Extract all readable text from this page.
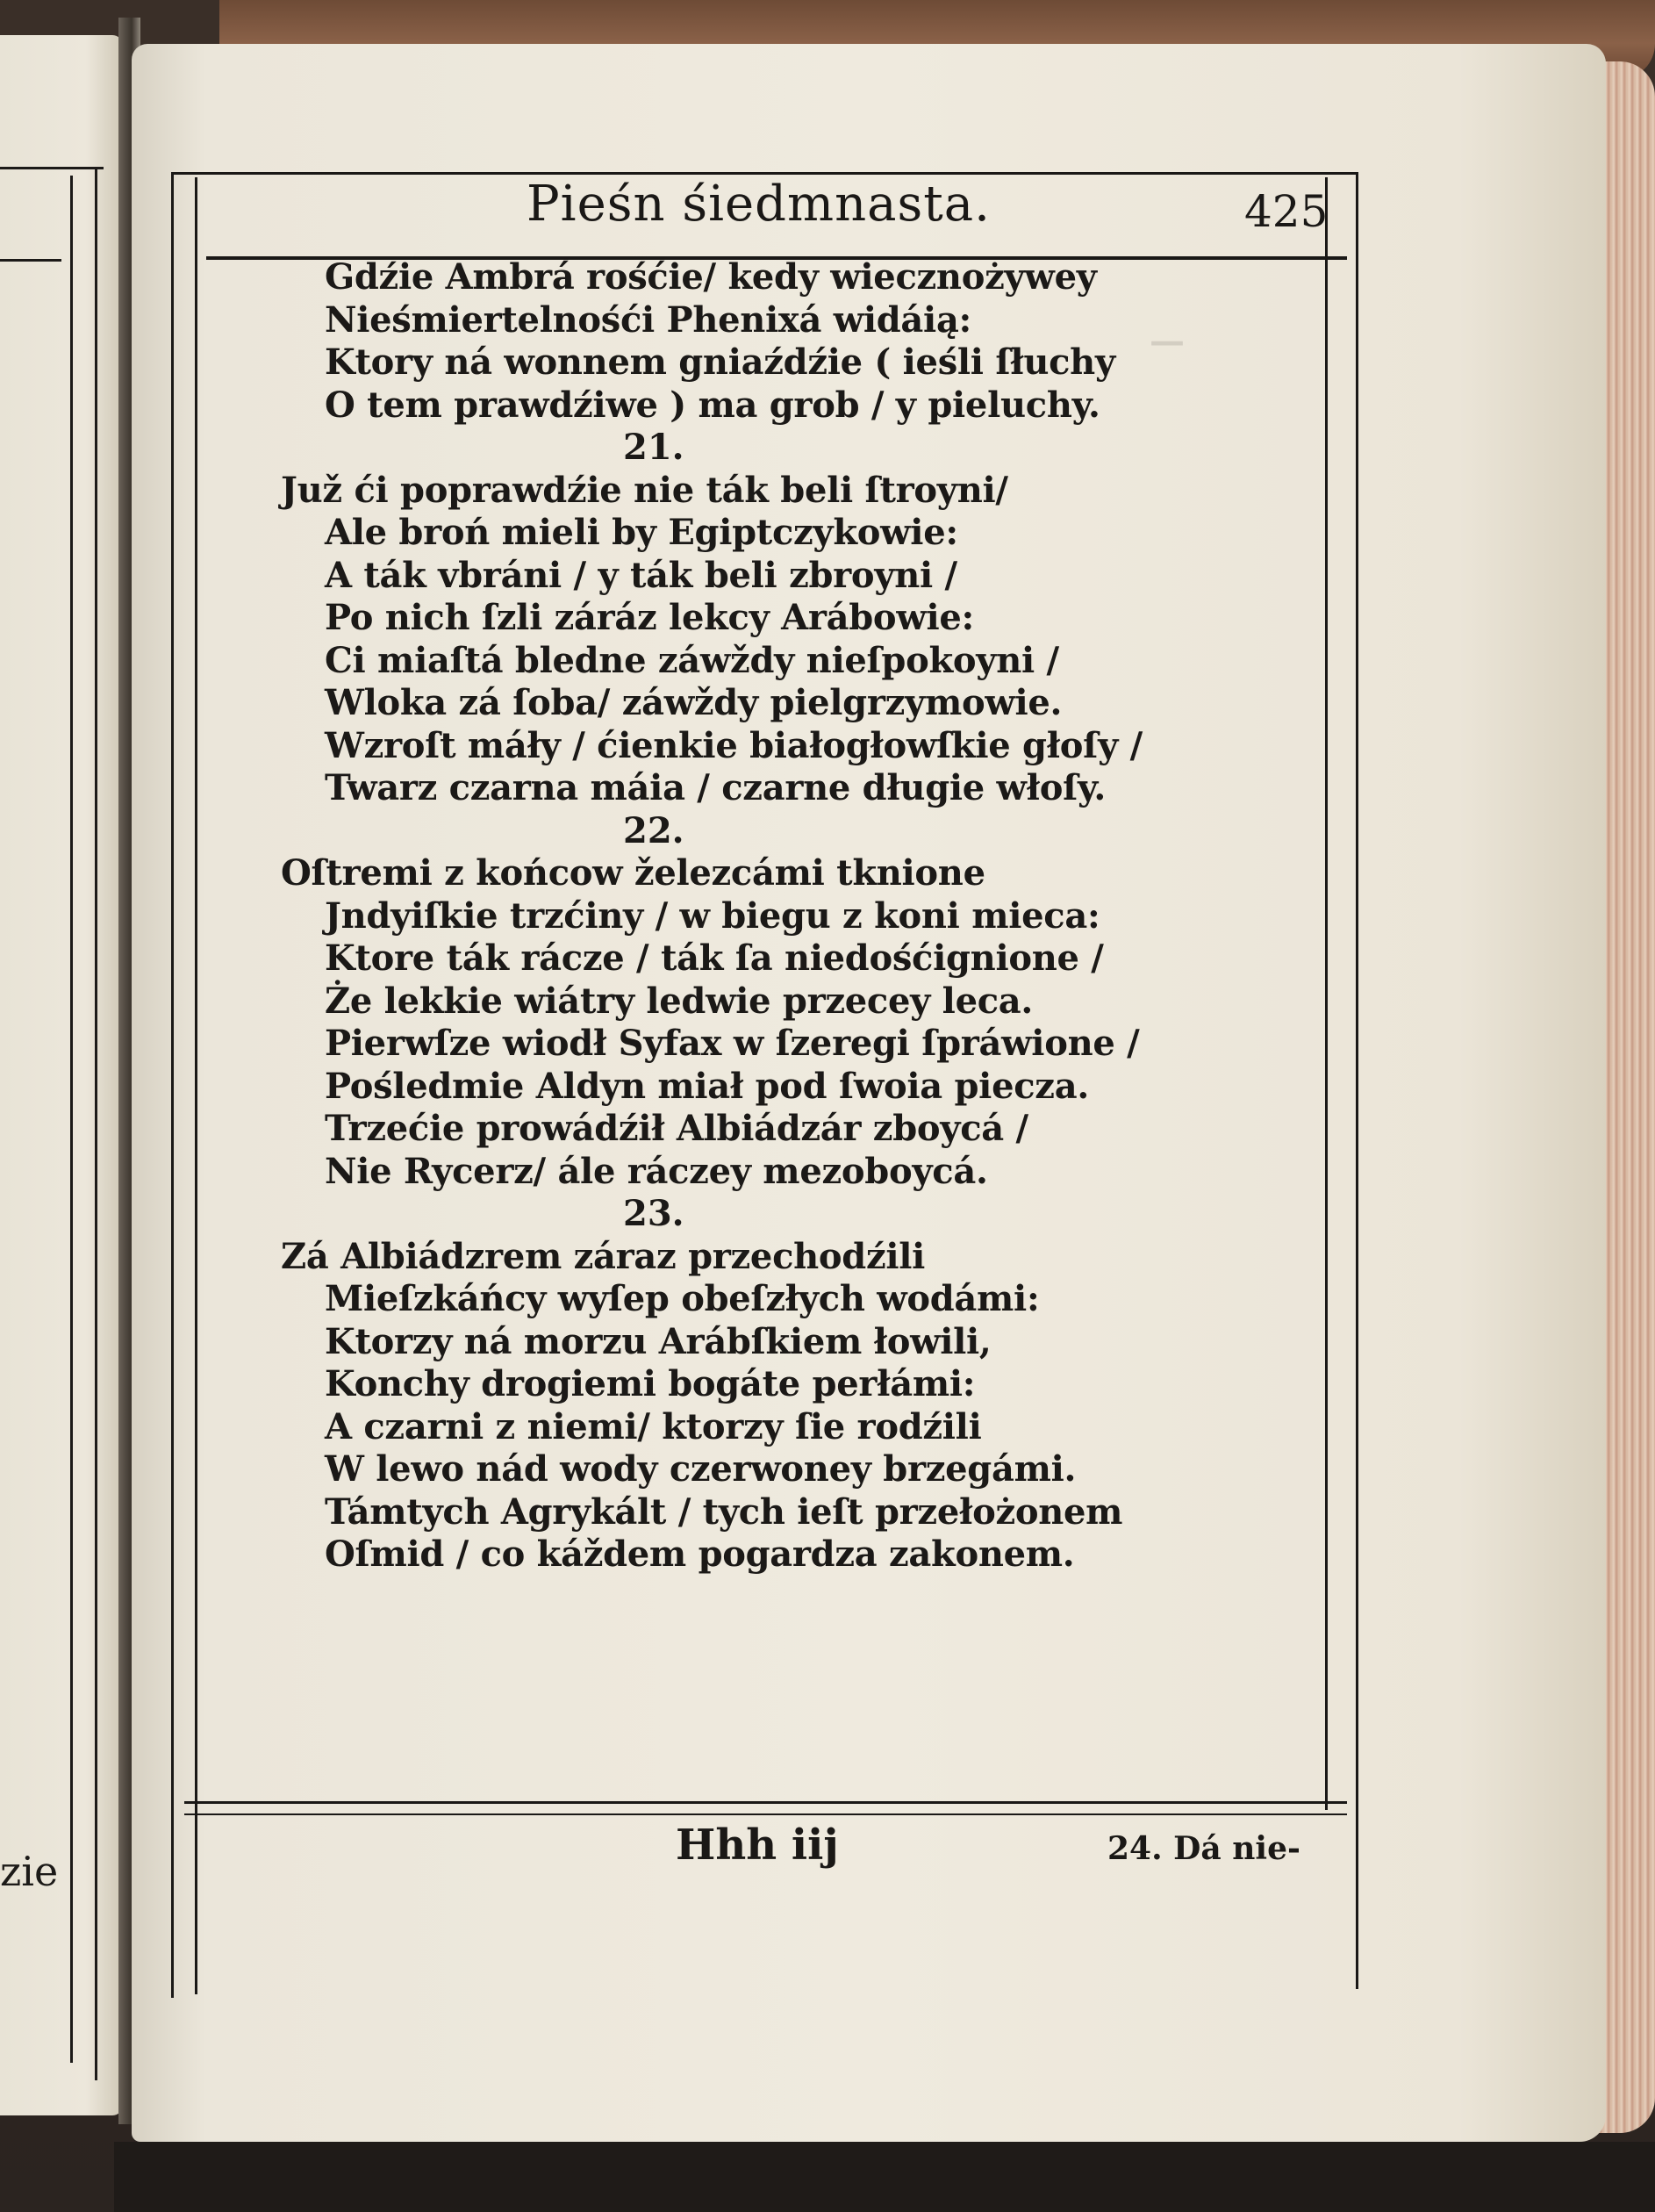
zie
—
Pieśn śiedmnasta.	425
Gdźie Ambrá rośćie/ kedy wiecznożywey
Nieśmiertelnośći Phenixá widáią:
Ktory ná wonnem gniaźdźie ( ieśli ſłuchy
O tem prawdźiwe ) ma grob / y pieluchy.
21.
Juž ći poprawdźie nie ták beli ſtroyni/
Ale broń mieli by Egiptczykowie:
A ták vbráni / y ták beli zbroyni /
Po nich ſzli záráz lekcy Arábowie:
Ci miaſtá bledne záwždy nieſpokoyni /
Wloka zá ſoba/ záwždy pielgrzymowie.
Wzroſt máły / ćienkie białogłowſkie głoſy /
Twarz czarna máia / czarne długie włoſy.
22.
Oſtremi z końcow železcámi tknione
Jndyiſkie trzćiny / w biegu z koni mieca:
Ktore ták rácze / ták ſa niedośćignione /
Że lekkie wiátry ledwie przecey leca.
Pierwſze wiodł Syfax w ſzeregi ſpráwione /
Pośledmie Aldyn miał pod ſwoia piecza.
Trzećie prowádźił Albiádzár zboycá /
Nie Rycerz/ ále ráczey mezoboycá.
23.
Zá Albiádzrem záraz przechodźili
Mieſzkáńcy wyſep obeſzłych wodámi:
Ktorzy ná morzu Arábſkiem łowili,
Konchy drogiemi bogáte perłámi:
A czarni z niemi/ ktorzy ſie rodźili
W lewo nád wody czerwoney brzegámi.
Támtych Agrykált / tych ieſt przełożonem
Oſmid / co káždem pogardza zakonem.
Hhh iij	24. Dá nie-
